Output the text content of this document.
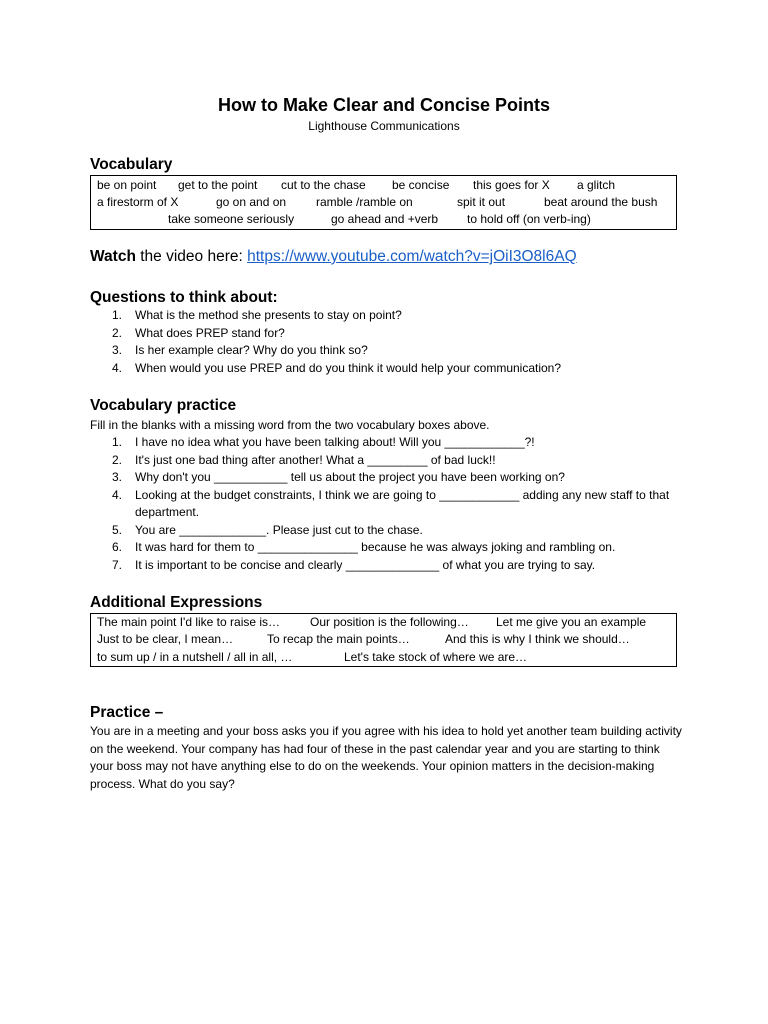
How to Make Clear and Concise Points
Lighthouse Communications
Vocabulary
be on point get to the point cut to the chase be concise this goes for X a glitch
a firestorm of X	go on and on ramble /ramble on	spit it out	beat around the bush
take someone seriously	go ahead and +verb to hold off (on verb-ing)
Watch the video here: https://www.youtube.com/watch?v=jOiI3O8l6AQ
Questions to think about:
1.	What is the method she presents to stay on point?
2.	What does PREP stand for?
3.	Is her example clear? Why do you think so?
4.	When would you use PREP and do you think it would help your communication?
Vocabulary practice
Fill in the blanks with a missing word from the two vocabulary boxes above.
1.	I have no idea what you have been talking about! Will you ____________?!
2.	It's just one bad thing after another! What a _________ of bad luck!!
3.	Why don't you ___________ tell us about the project you have been working on?
4.	Looking at the budget constraints, I think we are going to ____________ adding any new staff to that department.
5.	You are _____________. Please just cut to the chase.
6.	It was hard for them to _______________ because he was always joking and rambling on.
7.	It is important to be concise and clearly ______________ of what you are trying to say.
Additional Expressions
The main point I'd like to raise is… Our position is the following… Let me give you an example
Just to be clear, I mean…	To recap the main points…	And this is why I think we should…
to sum up / in a nutshell / all in all, …	Let's take stock of where we are…
Practice –
You are in a meeting and your boss asks you if you agree with his idea to hold yet another team building activity on the weekend. Your company has had four of these in the past calendar year and you are starting to think your boss may not have anything else to do on the weekends. Your opinion matters in the decision-making process. What do you say?
